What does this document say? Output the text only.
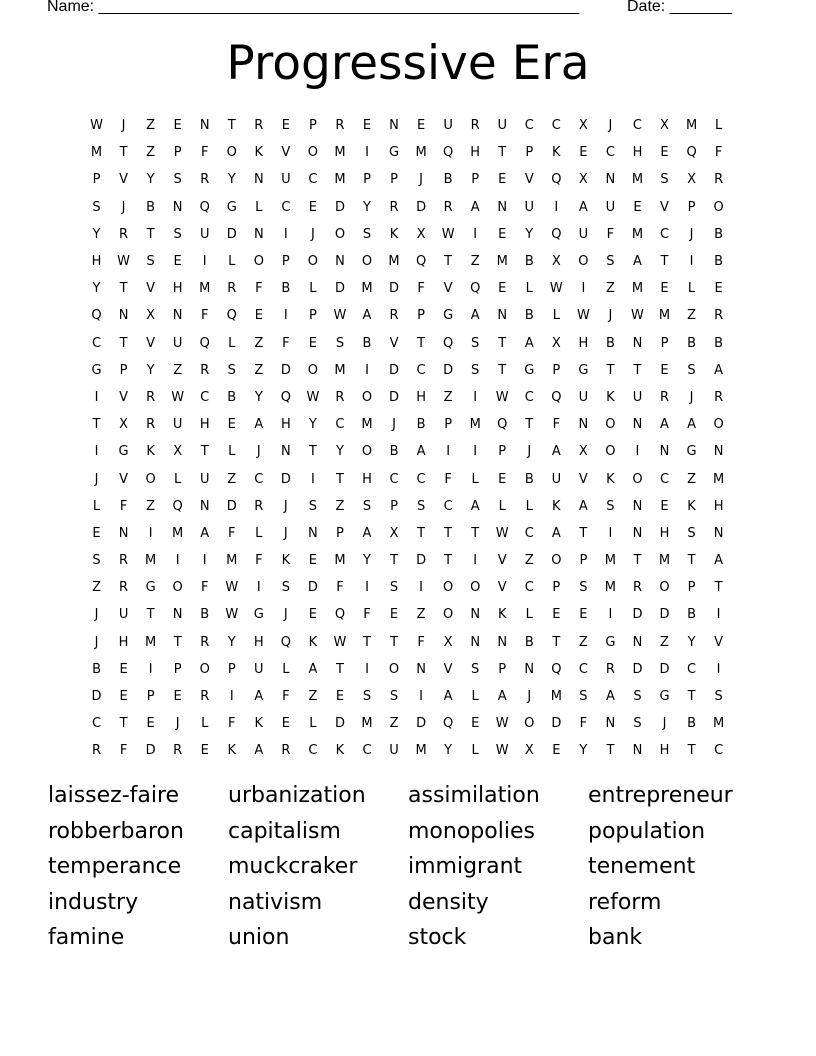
Name: ______________________________________________________	Date: _______
Progressive Era
W	J	Z	E	N	T	R	E	P	R	E	N	E	U	R	U	C	C	X	J	C	X	M	L
M	T	Z	P	F	O	K	V	O	M	I	G	M	Q	H	T	P	K	E	C	H	E	Q	F
P	V	Y	S	R	Y	N	U	C	M	P	P	J	B	P	E	V	Q	X	N	M	S	X	R
S	J	B	N	Q	G	L	C	E	D	Y	R	D	R	A	N	U	I	A	U	E	V	P	O
Y	R	T	S	U	D	N	I	J	O	S	K	X	W	I	E	Y	Q	U	F	M	C	J	B
H	W	S	E	I	L	O	P	O	N	O	M	Q	T	Z	M	B	X	O	S	A	T	I	B
Y	T	V	H	M	R	F	B	L	D	M	D	F	V	Q	E	L	W	I	Z	M	E	L	E
Q	N	X	N	F	Q	E	I	P	W	A	R	P	G	A	N	B	L	W	J	W	M	Z	R
C	T	V	U	Q	L	Z	F	E	S	B	V	T	Q	S	T	A	X	H	B	N	P	B	B
G	P	Y	Z	R	S	Z	D	O	M	I	D	C	D	S	T	G	P	G	T	T	E	S	A
I	V	R	W	C	B	Y	Q	W	R	O	D	H	Z	I	W	C	Q	U	K	U	R	J	R
T	X	R	U	H	E	A	H	Y	C	M	J	B	P	M	Q	T	F	N	O	N	A	A	O
I	G	K	X	T	L	J	N	T	Y	O	B	A	I	I	P	J	A	X	O	I	N	G	N
J	V	O	L	U	Z	C	D	I	T	H	C	C	F	L	E	B	U	V	K	O	C	Z	M
L	F	Z	Q	N	D	R	J	S	Z	S	P	S	C	A	L	L	K	A	S	N	E	K	H
E	N	I	M	A	F	L	J	N	P	A	X	T	T	T	W	C	A	T	I	N	H	S	N
S	R	M	I	I	M	F	K	E	M	Y	T	D	T	I	V	Z	O	P	M	T	M	T	A
Z	R	G	O	F	W	I	S	D	F	I	S	I	O	O	V	C	P	S	M	R	O	P	T
J	U	T	N	B	W	G	J	E	Q	F	E	Z	O	N	K	L	E	E	I	D	D	B	I
J	H	M	T	R	Y	H	Q	K	W	T	T	F	X	N	N	B	T	Z	G	N	Z	Y	V
B	E	I	P	O	P	U	L	A	T	I	O	N	V	S	P	N	Q	C	R	D	D	C	I
D	E	P	E	R	I	A	F	Z	E	S	S	I	A	L	A	J	M	S	A	S	G	T	S
C	T	E	J	L	F	K	E	L	D	M	Z	D	Q	E	W	O	D	F	N	S	J	B	M
R	F	D	R	E	K	A	R	C	K	C	U	M	Y	L	W	X	E	Y	T	N	H	T	C
laissez-faire	urbanization	assimilation	entrepreneur
robberbaron	capitalism	monopolies	population
temperance	muckcraker	immigrant	tenement
industry	nativism	density	reform
famine	union	stock	bank
